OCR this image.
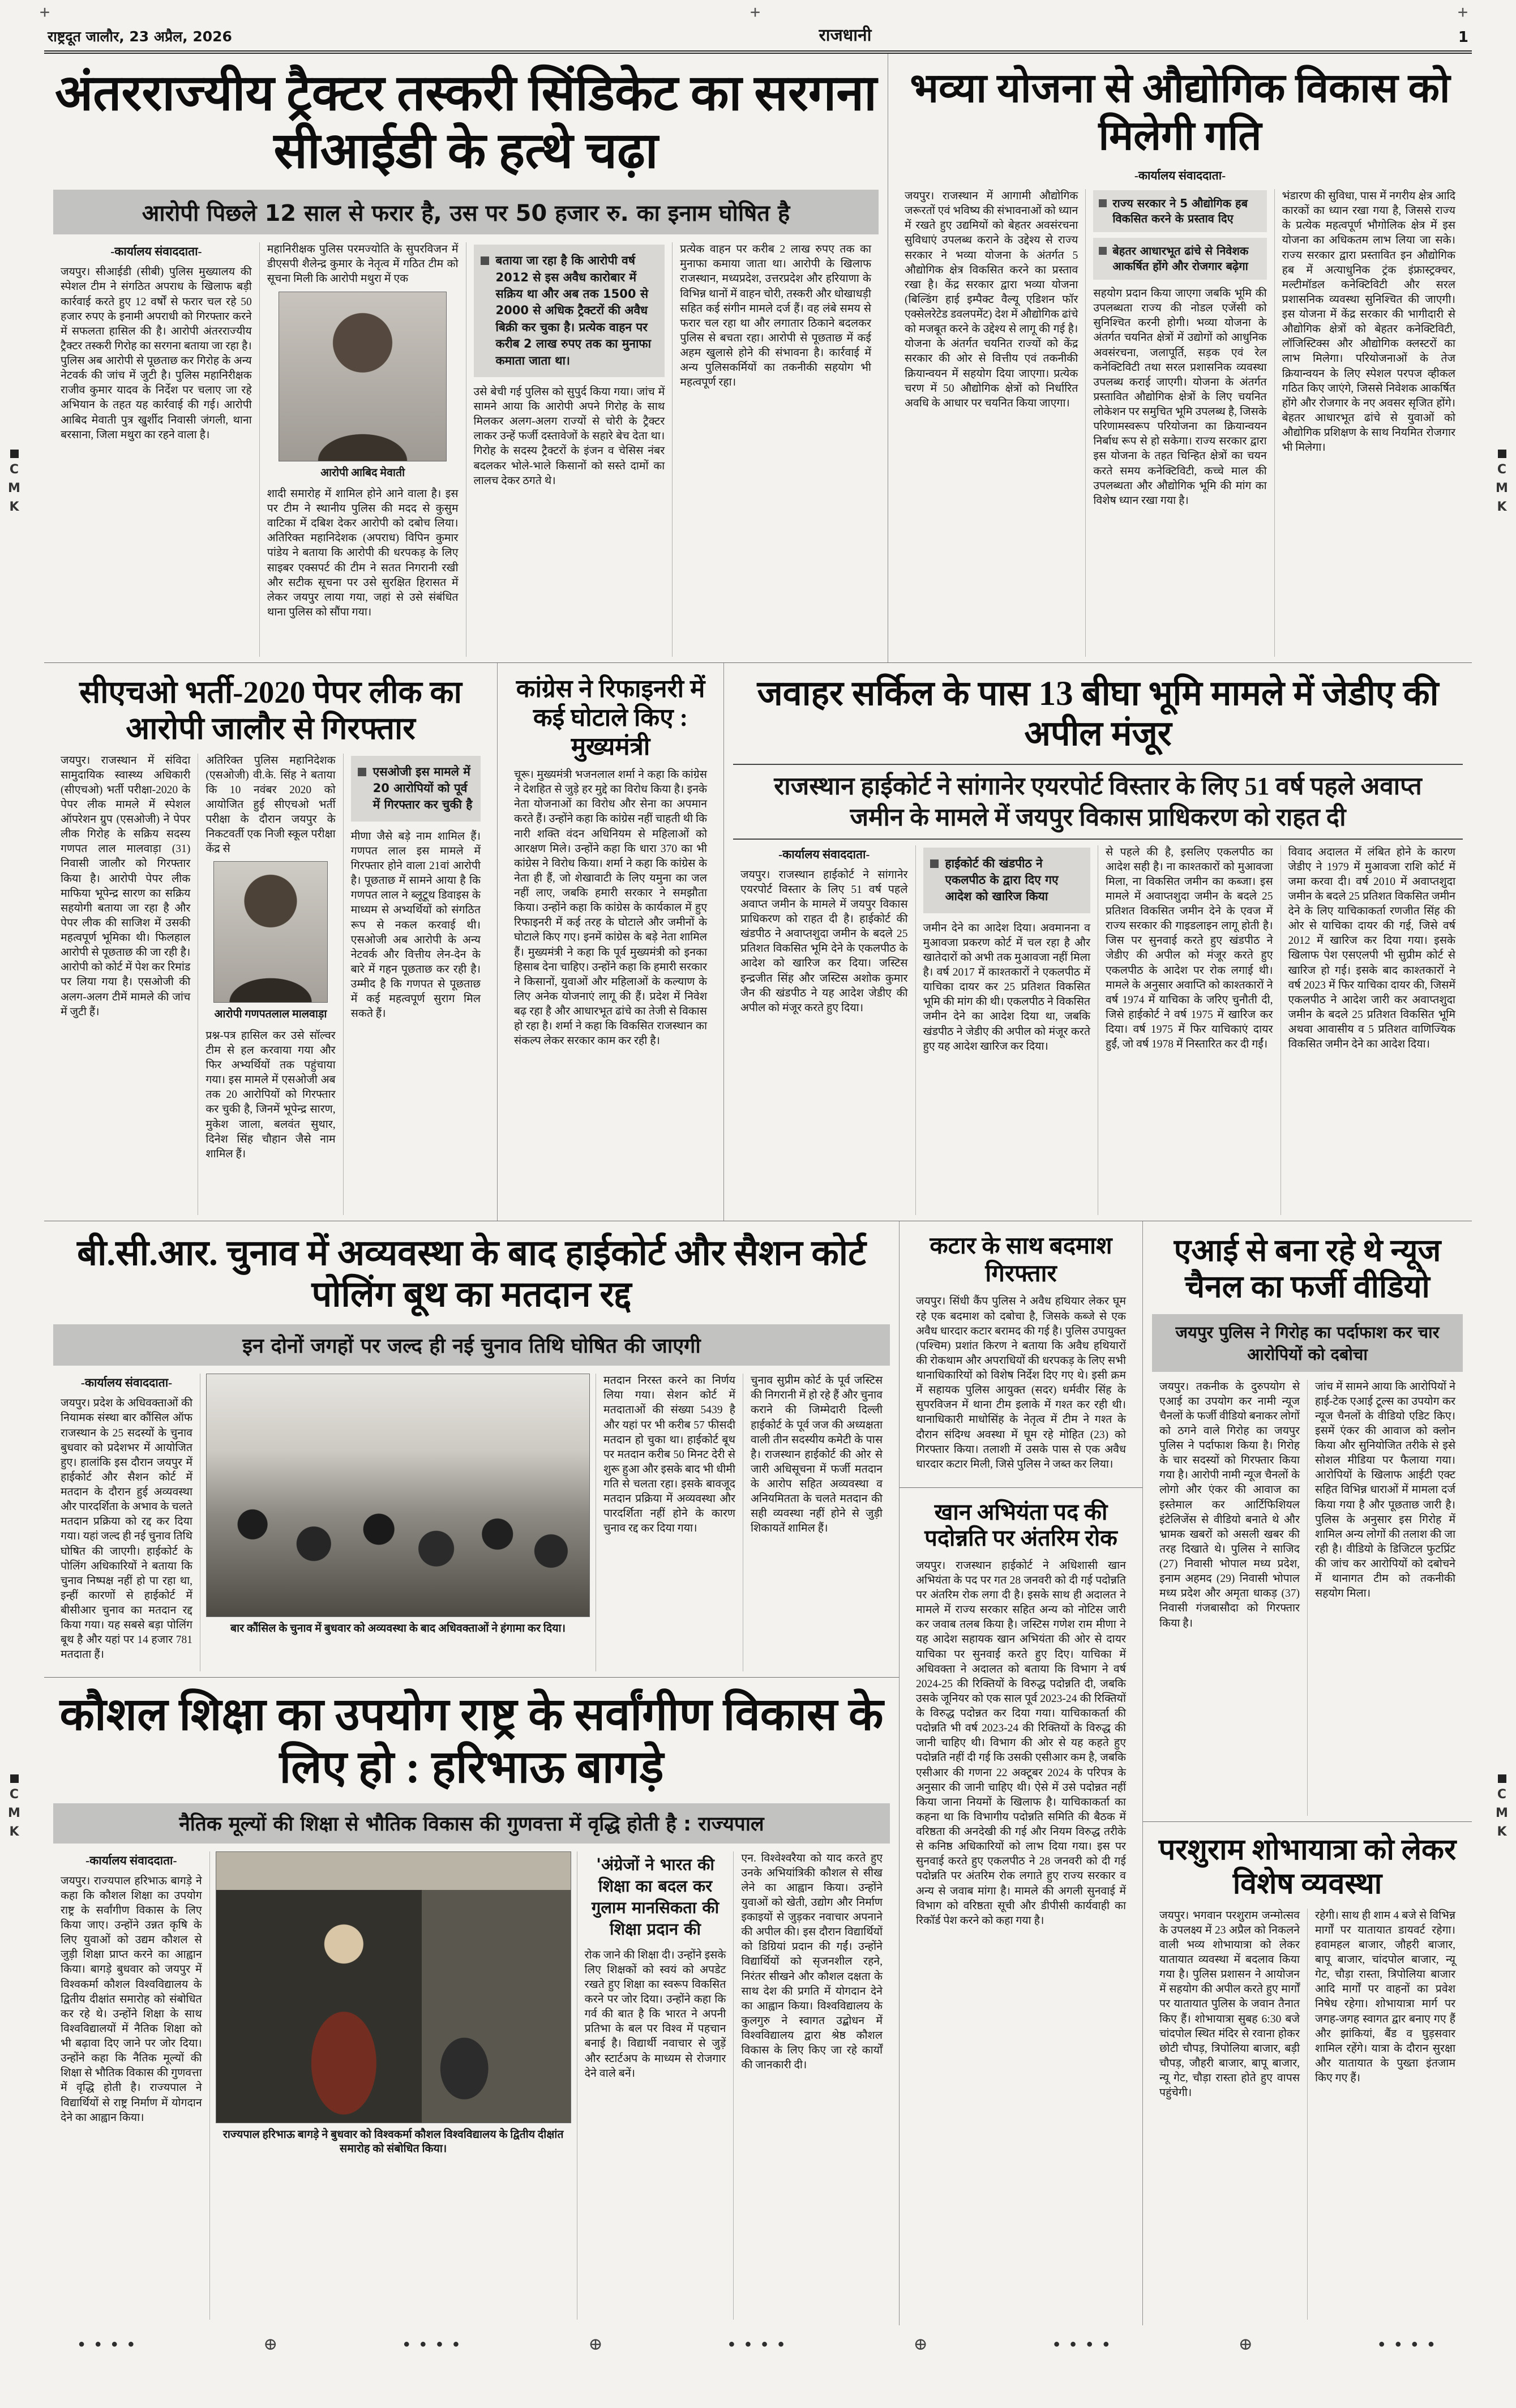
+	+	+
C
M
K
C
M
K
C
M
K
C
M
K
राष्ट्रदूत जालौर, 23 अप्रैल, 2026	राजधानी	1
अंतरराज्यीय ट्रैक्टर तस्करी सिंडिकेट का सरगना सीआईडी के हत्थे चढ़ा
आरोपी पिछले 12 साल से फरार है, उस पर 50 हजार रु. का इनाम घोषित है
-कार्यालय संवाददाता-
जयपुर। सीआईडी (सीबी) पुलिस मुख्यालय की स्पेशल टीम ने संगठित अपराध के खिलाफ बड़ी कार्रवाई करते हुए 12 वर्षों से फरार चल रहे 50 हजार रुपए के इनामी अपराधी को गिरफ्तार करने में सफलता हासिल की है। आरोपी अंतरराज्यीय ट्रैक्टर तस्करी गिरोह का सरगना बताया जा रहा है। पुलिस अब आरोपी से पूछताछ कर गिरोह के अन्य नेटवर्क की जांच में जुटी है। पुलिस महानिरीक्षक राजीव कुमार यादव के निर्देश पर चलाए जा रहे अभियान के तहत यह कार्रवाई की गई। आरोपी आबिद मेवाती पुत्र खुर्शीद निवासी जंगली, थाना बरसाना, जिला मथुरा का रहने वाला है।
महानिरीक्षक पुलिस परमज्योति के सुपरविजन में डीएसपी शैलेन्द्र कुमार के नेतृत्व में गठित टीम को सूचना मिली कि आरोपी मथुरा में एक
आरोपी आबिद मेवाती
शादी समारोह में शामिल होने आने वाला है। इस पर टीम ने स्थानीय पुलिस की मदद से कुसुम वाटिका में दबिश देकर आरोपी को दबोच लिया। अतिरिक्त महानिदेशक (अपराध) विपिन कुमार पांडेय ने बताया कि आरोपी की धरपकड़ के लिए साइबर एक्सपर्ट की टीम ने सतत निगरानी रखी और सटीक सूचना पर उसे सुरक्षित हिरासत में लेकर जयपुर लाया गया, जहां से उसे संबंधित थाना पुलिस को सौंपा गया।
बताया जा रहा है कि आरोपी वर्ष 2012 से इस अवैध कारोबार में सक्रिय था और अब तक 1500 से 2000 से अधिक ट्रैक्टरों की अवैध बिक्री कर चुका है। प्रत्येक वाहन पर करीब 2 लाख रुपए तक का मुनाफा कमाता जाता था।
उसे बेची गई पुलिस को सुपुर्द किया गया। जांच में सामने आया कि आरोपी अपने गिरोह के साथ मिलकर अलग-अलग राज्यों से चोरी के ट्रैक्टर लाकर उन्हें फर्जी दस्तावेजों के सहारे बेच देता था। गिरोह के सदस्य ट्रैक्टरों के इंजन व चेसिस नंबर बदलकर भोले-भाले किसानों को सस्ते दामों का लालच देकर ठगते थे।
प्रत्येक वाहन पर करीब 2 लाख रुपए तक का मुनाफा कमाया जाता था। आरोपी के खिलाफ राजस्थान, मध्यप्रदेश, उत्तरप्रदेश और हरियाणा के विभिन्न थानों में वाहन चोरी, तस्करी और धोखाधड़ी सहित कई संगीन मामले दर्ज हैं। वह लंबे समय से फरार चल रहा था और लगातार ठिकाने बदलकर पुलिस से बचता रहा। आरोपी से पूछताछ में कई अहम खुलासे होने की संभावना है। कार्रवाई में अन्य पुलिसकर्मियों का तकनीकी सहयोग भी महत्वपूर्ण रहा।
भव्या योजना से औद्योगिक विकास को मिलेगी गति
-कार्यालय संवाददाता-
जयपुर। राजस्थान में आगामी औद्योगिक जरूरतों एवं भविष्य की संभावनाओं को ध्यान में रखते हुए उद्यमियों को बेहतर अवसंरचना सुविधाएं उपलब्ध कराने के उद्देश्य से राज्य सरकार ने भव्या योजना के अंतर्गत 5 औद्योगिक क्षेत्र विकसित करने का प्रस्ताव रखा है। केंद्र सरकार द्वारा भव्या योजना (बिल्डिंग हाई इम्पैक्ट वैल्यू एडिशन फॉर एक्सेलरेटेड डवलपमेंट) देश में औद्योगिक ढांचे को मजबूत करने के उद्देश्य से लागू की गई है। योजना के अंतर्गत चयनित राज्यों को केंद्र सरकार की ओर से वित्तीय एवं तकनीकी क्रियान्वयन में सहयोग दिया जाएगा। प्रत्येक चरण में 50 औद्योगिक क्षेत्रों को निर्धारित अवधि के आधार पर चयनित किया जाएगा।
राज्य सरकार ने 5 औद्योगिक हब विकसित करने के प्रस्ताव दिए
बेहतर आधारभूत ढांचे से निवेशक आकर्षित होंगे और रोजगार बढ़ेगा
सहयोग प्रदान किया जाएगा जबकि भूमि की उपलब्धता राज्य की नोडल एजेंसी को सुनिश्चित करनी होगी। भव्या योजना के अंतर्गत चयनित क्षेत्रों में उद्योगों को आधुनिक अवसंरचना, जलापूर्ति, सड़क एवं रेल कनेक्टिविटी तथा सरल प्रशासनिक व्यवस्था उपलब्ध कराई जाएगी। योजना के अंतर्गत प्रस्तावित औद्योगिक क्षेत्रों के लिए चयनित लोकेशन पर समुचित भूमि उपलब्ध है, जिसके परिणामस्वरूप परियोजना का क्रियान्वयन निर्बाध रूप से हो सकेगा। राज्य सरकार द्वारा इस योजना के तहत चिन्हित क्षेत्रों का चयन करते समय कनेक्टिविटी, कच्चे माल की उपलब्धता और औद्योगिक भूमि की मांग का विशेष ध्यान रखा गया है।
भंडारण की सुविधा, पास में नगरीय क्षेत्र आदि कारकों का ध्यान रखा गया है, जिससे राज्य के प्रत्येक महत्वपूर्ण भौगोलिक क्षेत्र में इस योजना का अधिकतम लाभ लिया जा सके। राज्य सरकार द्वारा प्रस्तावित इन औद्योगिक हब में अत्याधुनिक ट्रंक इंफ्रास्ट्रक्चर, मल्टीमॉडल कनेक्टिविटी और सरल प्रशासनिक व्यवस्था सुनिश्चित की जाएगी। इस योजना में केंद्र सरकार की भागीदारी से औद्योगिक क्षेत्रों को बेहतर कनेक्टिविटी, लॉजिस्टिक्स और औद्योगिक क्लस्टरों का लाभ मिलेगा। परियोजनाओं के तेज क्रियान्वयन के लिए स्पेशल परपज व्हीकल गठित किए जाएंगे, जिससे निवेशक आकर्षित होंगे और रोजगार के नए अवसर सृजित होंगे। बेहतर आधारभूत ढांचे से युवाओं को औद्योगिक प्रशिक्षण के साथ नियमित रोजगार भी मिलेगा।
सीएचओ भर्ती-2020 पेपर लीक का आरोपी जालौर से गिरफ्तार
जयपुर। राजस्थान में संविदा सामुदायिक स्वास्थ्य अधिकारी (सीएचओ) भर्ती परीक्षा-2020 के पेपर लीक मामले में स्पेशल ऑपरेशन ग्रुप (एसओजी) ने पेपर लीक गिरोह के सक्रिय सदस्य गणपत लाल मालवाड़ा (31) निवासी जालौर को गिरफ्तार किया है। आरोपी पेपर लीक माफिया भूपेन्द्र सारण का सक्रिय सहयोगी बताया जा रहा है और पेपर लीक की साजिश में उसकी महत्वपूर्ण भूमिका थी। फिलहाल आरोपी से पूछताछ की जा रही है। आरोपी को कोर्ट में पेश कर रिमांड पर लिया गया है। एसओजी की अलग-अलग टीमें मामले की जांच में जुटी हैं।
अतिरिक्त पुलिस महानिदेशक (एसओजी) वी.के. सिंह ने बताया कि 10 नवंबर 2020 को आयोजित हुई सीएचओ भर्ती परीक्षा के दौरान जयपुर के निकटवर्ती एक निजी स्कूल परीक्षा केंद्र से
आरोपी गणपतलाल मालवाड़ा
प्रश्न-पत्र हासिल कर उसे सॉल्वर टीम से हल करवाया गया और फिर अभ्यर्थियों तक पहुंचाया गया। इस मामले में एसओजी अब तक 20 आरोपियों को गिरफ्तार कर चुकी है, जिनमें भूपेन्द्र सारण, मुकेश जाला, बलवंत सुथार, दिनेश सिंह चौहान जैसे नाम शामिल हैं।
एसओजी इस मामले में 20 आरोपियों को पूर्व में गिरफ्तार कर चुकी है
मीणा जैसे बड़े नाम शामिल हैं। गणपत लाल इस मामले में गिरफ्तार होने वाला 21वां आरोपी है। पूछताछ में सामने आया है कि गणपत लाल ने ब्लूटूथ डिवाइस के माध्यम से अभ्यर्थियों को संगठित रूप से नकल करवाई थी। एसओजी अब आरोपी के अन्य नेटवर्क और वित्तीय लेन-देन के बारे में गहन पूछताछ कर रही है। उम्मीद है कि गणपत से पूछताछ में कई महत्वपूर्ण सुराग मिल सकते हैं।
कांग्रेस ने रिफाइनरी में कई घोटाले किए : मुख्यमंत्री
चूरू। मुख्यमंत्री भजनलाल शर्मा ने कहा कि कांग्रेस ने देशहित से जुड़े हर मुद्दे का विरोध किया है। इनके नेता योजनाओं का विरोध और सेना का अपमान करते हैं। उन्होंने कहा कि कांग्रेस नहीं चाहती थी कि नारी शक्ति वंदन अधिनियम से महिलाओं को आरक्षण मिले। उन्होंने कहा कि धारा 370 का भी कांग्रेस ने विरोध किया। शर्मा ने कहा कि कांग्रेस के नेता ही हैं, जो शेखावाटी के लिए यमुना का जल नहीं लाए, जबकि हमारी सरकार ने समझौता किया। उन्होंने कहा कि कांग्रेस के कार्यकाल में हुए रिफाइनरी में कई तरह के घोटाले और जमीनों के घोटाले किए गए। इनमें कांग्रेस के बड़े नेता शामिल हैं। मुख्यमंत्री ने कहा कि पूर्व मुख्यमंत्री को इनका हिसाब देना चाहिए। उन्होंने कहा कि हमारी सरकार ने किसानों, युवाओं और महिलाओं के कल्याण के लिए अनेक योजनाएं लागू की हैं। प्रदेश में निवेश बढ़ रहा है और आधारभूत ढांचे का तेजी से विकास हो रहा है। शर्मा ने कहा कि विकसित राजस्थान का संकल्प लेकर सरकार काम कर रही है।
जवाहर सर्किल के पास 13 बीघा भूमि मामले में जेडीए की अपील मंजूर
राजस्थान हाईकोर्ट ने सांगानेर एयरपोर्ट विस्तार के लिए 51 वर्ष पहले अवाप्त जमीन के मामले में जयपुर विकास प्राधिकरण को राहत दी
-कार्यालय संवाददाता-
जयपुर। राजस्थान हाईकोर्ट ने सांगानेर एयरपोर्ट विस्तार के लिए 51 वर्ष पहले अवाप्त जमीन के मामले में जयपुर विकास प्राधिकरण को राहत दी है। हाईकोर्ट की खंडपीठ ने अवाप्तशुदा जमीन के बदले 25 प्रतिशत विकसित भूमि देने के एकलपीठ के आदेश को खारिज कर दिया। जस्टिस इन्द्रजीत सिंह और जस्टिस अशोक कुमार जैन की खंडपीठ ने यह आदेश जेडीए की अपील को मंजूर करते हुए दिया।
हाईकोर्ट की खंडपीठ ने एकलपीठ के द्वारा दिए गए आदेश को खारिज किया
जमीन देने का आदेश दिया। अवमानना व मुआवजा प्रकरण कोर्ट में चल रहा है और खातेदारों को अभी तक मुआवजा नहीं मिला है। वर्ष 2017 में काश्तकारों ने एकलपीठ में याचिका दायर कर 25 प्रतिशत विकसित भूमि की मांग की थी। एकलपीठ ने विकसित जमीन देने का आदेश दिया था, जबकि खंडपीठ ने जेडीए की अपील को मंजूर करते हुए यह आदेश खारिज कर दिया।
से पहले की है, इसलिए एकलपीठ का आदेश सही है। ना काश्तकारों को मुआवजा मिला, ना विकसित जमीन का कब्जा। इस मामले में अवाप्तशुदा जमीन के बदले 25 प्रतिशत विकसित जमीन देने के एवज में राज्य सरकार की गाइडलाइन लागू होती है। जिस पर सुनवाई करते हुए खंडपीठ ने जेडीए की अपील को मंजूर करते हुए एकलपीठ के आदेश पर रोक लगाई थी। मामले के अनुसार अवाप्ति को काश्तकारों ने वर्ष 1974 में याचिका के जरिए चुनौती दी, जिसे हाईकोर्ट ने वर्ष 1975 में खारिज कर दिया। वर्ष 1975 में फिर याचिकाएं दायर हुईं, जो वर्ष 1978 में निस्तारित कर दी गईं।
विवाद अदालत में लंबित होने के कारण जेडीए ने 1979 में मुआवजा राशि कोर्ट में जमा करवा दी। वर्ष 2010 में अवाप्तशुदा जमीन के बदले 25 प्रतिशत विकसित जमीन देने के लिए याचिकाकर्ता रणजीत सिंह की ओर से याचिका दायर की गई, जिसे वर्ष 2012 में खारिज कर दिया गया। इसके खिलाफ पेश एसएलपी भी सुप्रीम कोर्ट से खारिज हो गई। इसके बाद काश्तकारों ने वर्ष 2023 में फिर याचिका दायर की, जिसमें एकलपीठ ने आदेश जारी कर अवाप्तशुदा जमीन के बदले 25 प्रतिशत विकसित भूमि अथवा आवासीय व 5 प्रतिशत वाणिज्यिक विकसित जमीन देने का आदेश दिया।
बी.सी.आर. चुनाव में अव्यवस्था के बाद हाईकोर्ट और सैशन कोर्ट पोलिंग बूथ का मतदान रद्द
इन दोनों जगहों पर जल्द ही नई चुनाव तिथि घोषित की जाएगी
-कार्यालय संवाददाता-
जयपुर। प्रदेश के अधिवक्ताओं की नियामक संस्था बार कौंसिल ऑफ राजस्थान के 25 सदस्यों के चुनाव बुधवार को प्रदेशभर में आयोजित हुए। हालांकि इस दौरान जयपुर में हाईकोर्ट और सैशन कोर्ट में मतदान के दौरान हुई अव्यवस्था और पारदर्शिता के अभाव के चलते मतदान प्रक्रिया को रद्द कर दिया गया। यहां जल्द ही नई चुनाव तिथि घोषित की जाएगी। हाईकोर्ट के पोलिंग अधिकारियों ने बताया कि चुनाव निष्पक्ष नहीं हो पा रहा था, इन्हीं कारणों से हाईकोर्ट में बीसीआर चुनाव का मतदान रद्द किया गया। यह सबसे बड़ा पोलिंग बूथ है और यहां पर 14 हजार 781 मतदाता हैं।
बार कौंसिल के चुनाव में बुधवार को अव्यवस्था के बाद अधिवक्ताओं ने हंगामा कर दिया।
मतदान निरस्त करने का निर्णय लिया गया। सेशन कोर्ट में मतदाताओं की संख्या 5439 है और यहां पर भी करीब 57 फीसदी मतदान हो चुका था। हाईकोर्ट बूथ पर मतदान करीब 50 मिनट देरी से शुरू हुआ और इसके बाद भी धीमी गति से चलता रहा। इसके बावजूद मतदान प्रक्रिया में अव्यवस्था और पारदर्शिता नहीं होने के कारण चुनाव रद्द कर दिया गया।
चुनाव सुप्रीम कोर्ट के पूर्व जस्टिस की निगरानी में हो रहे हैं और चुनाव कराने की जिम्मेदारी दिल्ली हाईकोर्ट के पूर्व जज की अध्यक्षता वाली तीन सदस्यीय कमेटी के पास है। राजस्थान हाईकोर्ट की ओर से जारी अधिसूचना में फर्जी मतदान के आरोप सहित अव्यवस्था व अनियमितता के चलते मतदान की सही व्यवस्था नहीं होने से जुड़ी शिकायतें शामिल हैं।
कौशल शिक्षा का उपयोग राष्ट्र के सर्वांगीण विकास के लिए हो : हरिभाऊ बागड़े
नैतिक मूल्यों की शिक्षा से भौतिक विकास की गुणवत्ता में वृद्धि होती है : राज्यपाल
-कार्यालय संवाददाता-
जयपुर। राज्यपाल हरिभाऊ बागड़े ने कहा कि कौशल शिक्षा का उपयोग राष्ट्र के सर्वांगीण विकास के लिए किया जाए। उन्होंने उन्नत कृषि के लिए युवाओं को उद्यम कौशल से जुड़ी शिक्षा प्राप्त करने का आह्वान किया। बागड़े बुधवार को जयपुर में विश्वकर्मा कौशल विश्वविद्यालय के द्वितीय दीक्षांत समारोह को संबोधित कर रहे थे। उन्होंने शिक्षा के साथ विश्वविद्यालयों में नैतिक शिक्षा को भी बढ़ावा दिए जाने पर जोर दिया। उन्होंने कहा कि नैतिक मूल्यों की शिक्षा से भौतिक विकास की गुणवत्ता में वृद्धि होती है। राज्यपाल ने विद्यार्थियों से राष्ट्र निर्माण में योगदान देने का आह्वान किया।
राज्यपाल हरिभाऊ बागड़े ने बुधवार को विश्वकर्मा कौशल विश्वविद्यालय के द्वितीय दीक्षांत समारोह को संबोधित किया।
'अंग्रेजों ने भारत की शिक्षा का बदल कर गुलाम मानसिकता की शिक्षा प्रदान की
रोक जाने की शिक्षा दी। उन्होंने इसके लिए शिक्षकों को स्वयं को अपडेट रखते हुए शिक्षा का स्वरूप विकसित करने पर जोर दिया। उन्होंने कहा कि गर्व की बात है कि भारत ने अपनी प्रतिभा के बल पर विश्व में पहचान बनाई है। विद्यार्थी नवाचार से जुड़ें और स्टार्टअप के माध्यम से रोजगार देने वाले बनें।
एन. विश्वेश्वरैया को याद करते हुए उनके अभियांत्रिकी कौशल से सीख लेने का आह्वान किया। उन्होंने युवाओं को खेती, उद्योग और निर्माण इकाइयों से जुड़कर नवाचार अपनाने की अपील की। इस दौरान विद्यार्थियों को डिग्रियां प्रदान की गईं। उन्होंने विद्यार्थियों को सृजनशील रहने, निरंतर सीखने और कौशल दक्षता के साथ देश की प्रगति में योगदान देने का आह्वान किया। विश्वविद्यालय के कुलगुरु ने स्वागत उद्बोधन में विश्वविद्यालय द्वारा श्रेष्ठ कौशल विकास के लिए किए जा रहे कार्यों की जानकारी दी।
कटार के साथ बदमाश गिरफ्तार
जयपुर। सिंधी कैंप पुलिस ने अवैध हथियार लेकर घूम रहे एक बदमाश को दबोचा है, जिसके कब्जे से एक अवैध धारदार कटार बरामद की गई है। पुलिस उपायुक्त (पश्चिम) प्रशांत किरण ने बताया कि अवैध हथियारों की रोकथाम और अपराधियों की धरपकड़ के लिए सभी थानाधिकारियों को विशेष निर्देश दिए गए थे। इसी क्रम में सहायक पुलिस आयुक्त (सदर) धर्मवीर सिंह के सुपरविजन में थाना टीम इलाके में गश्त कर रही थी। थानाधिकारी माधोसिंह के नेतृत्व में टीम ने गश्त के दौरान संदिग्ध अवस्था में घूम रहे मोहित (23) को गिरफ्तार किया। तलाशी में उसके पास से एक अवैध धारदार कटार मिली, जिसे पुलिस ने जब्त कर लिया।
खान अभियंता पद की पदोन्नति पर अंतरिम रोक
जयपुर। राजस्थान हाईकोर्ट ने अधिशासी खान अभियंता के पद पर गत 28 जनवरी को दी गई पदोन्नति पर अंतरिम रोक लगा दी है। इसके साथ ही अदालत ने मामले में राज्य सरकार सहित अन्य को नोटिस जारी कर जवाब तलब किया है। जस्टिस गणेश राम मीणा ने यह आदेश सहायक खान अभियंता की ओर से दायर याचिका पर सुनवाई करते हुए दिए। याचिका में अधिवक्ता ने अदालत को बताया कि विभाग ने वर्ष 2024-25 की रिक्तियों के विरुद्ध पदोन्नति दी, जबकि उसके जूनियर को एक साल पूर्व 2023-24 की रिक्तियों के विरुद्ध पदोन्नत कर दिया गया। याचिकाकर्ता की पदोन्नति भी वर्ष 2023-24 की रिक्तियों के विरुद्ध की जानी चाहिए थी। विभाग की ओर से यह कहते हुए पदोन्नति नहीं दी गई कि उसकी एसीआर कम है, जबकि एसीआर की गणना 22 अक्टूबर 2024 के परिपत्र के अनुसार की जानी चाहिए थी। ऐसे में उसे पदोन्नत नहीं किया जाना नियमों के खिलाफ है। याचिकाकर्ता का कहना था कि विभागीय पदोन्नति समिति की बैठक में वरिष्ठता की अनदेखी की गई और नियम विरुद्ध तरीके से कनिष्ठ अधिकारियों को लाभ दिया गया। इस पर सुनवाई करते हुए एकलपीठ ने 28 जनवरी को दी गई पदोन्नति पर अंतरिम रोक लगाते हुए राज्य सरकार व अन्य से जवाब मांगा है। मामले की अगली सुनवाई में विभाग को वरिष्ठता सूची और डीपीसी कार्यवाही का रिकॉर्ड पेश करने को कहा गया है।
एआई से बना रहे थे न्यूज चैनल का फर्जी वीडियो
जयपुर पुलिस ने गिरोह का पर्दाफाश कर चार आरोपियों को दबोचा
जयपुर। तकनीक के दुरुपयोग से एआई का उपयोग कर नामी न्यूज चैनलों के फर्जी वीडियो बनाकर लोगों को ठगने वाले गिरोह का जयपुर पुलिस ने पर्दाफाश किया है। गिरोह के चार सदस्यों को गिरफ्तार किया गया है। आरोपी नामी न्यूज चैनलों के लोगो और एंकर की आवाज का इस्तेमाल कर आर्टिफिशियल इंटेलिजेंस से वीडियो बनाते थे और भ्रामक खबरों को असली खबर की तरह दिखाते थे। पुलिस ने साजिद (27) निवासी भोपाल मध्य प्रदेश, इनाम अहमद (29) निवासी भोपाल मध्य प्रदेश और अमृता धाकड़ (37) निवासी गंजबासौदा को गिरफ्तार किया है।
जांच में सामने आया कि आरोपियों ने हाई-टेक एआई टूल्स का उपयोग कर न्यूज चैनलों के वीडियो एडिट किए। इसमें एंकर की आवाज को क्लोन किया और सुनियोजित तरीके से इसे सोशल मीडिया पर फैलाया गया। आरोपियों के खिलाफ आईटी एक्ट सहित विभिन्न धाराओं में मामला दर्ज किया गया है और पूछताछ जारी है। पुलिस के अनुसार इस गिरोह में शामिल अन्य लोगों की तलाश की जा रही है। वीडियो के डिजिटल फुटप्रिंट की जांच कर आरोपियों को दबोचने में थानागत टीम को तकनीकी सहयोग मिला।
परशुराम शोभायात्रा को लेकर विशेष व्यवस्था
जयपुर। भगवान परशुराम जन्मोत्सव के उपलक्ष्य में 23 अप्रैल को निकलने वाली भव्य शोभायात्रा को लेकर यातायात व्यवस्था में बदलाव किया गया है। पुलिस प्रशासन ने आयोजन में सहयोग की अपील करते हुए मार्गों पर यातायात पुलिस के जवान तैनात किए हैं। शोभायात्रा सुबह 6:30 बजे चांदपोल स्थित मंदिर से रवाना होकर छोटी चौपड़, त्रिपोलिया बाजार, बड़ी चौपड़, जौहरी बाजार, बापू बाजार, न्यू गेट, चौड़ा रास्ता होते हुए वापस पहुंचेगी।
रहेगी। साथ ही शाम 4 बजे से विभिन्न मार्गों पर यातायात डायवर्ट रहेगा। हवामहल बाजार, जौहरी बाजार, बापू बाजार, चांदपोल बाजार, न्यू गेट, चौड़ा रास्ता, त्रिपोलिया बाजार आदि मार्गों पर वाहनों का प्रवेश निषेध रहेगा। शोभायात्रा मार्ग पर जगह-जगह स्वागत द्वार बनाए गए हैं और झांकियां, बैंड व घुड़सवार शामिल रहेंगे। यात्रा के दौरान सुरक्षा और यातायात के पुख्ता इंतजाम किए गए हैं।
● ● ● ●	⊕	● ● ● ●	⊕	● ● ● ●	⊕	● ● ● ●	⊕	● ● ● ●
